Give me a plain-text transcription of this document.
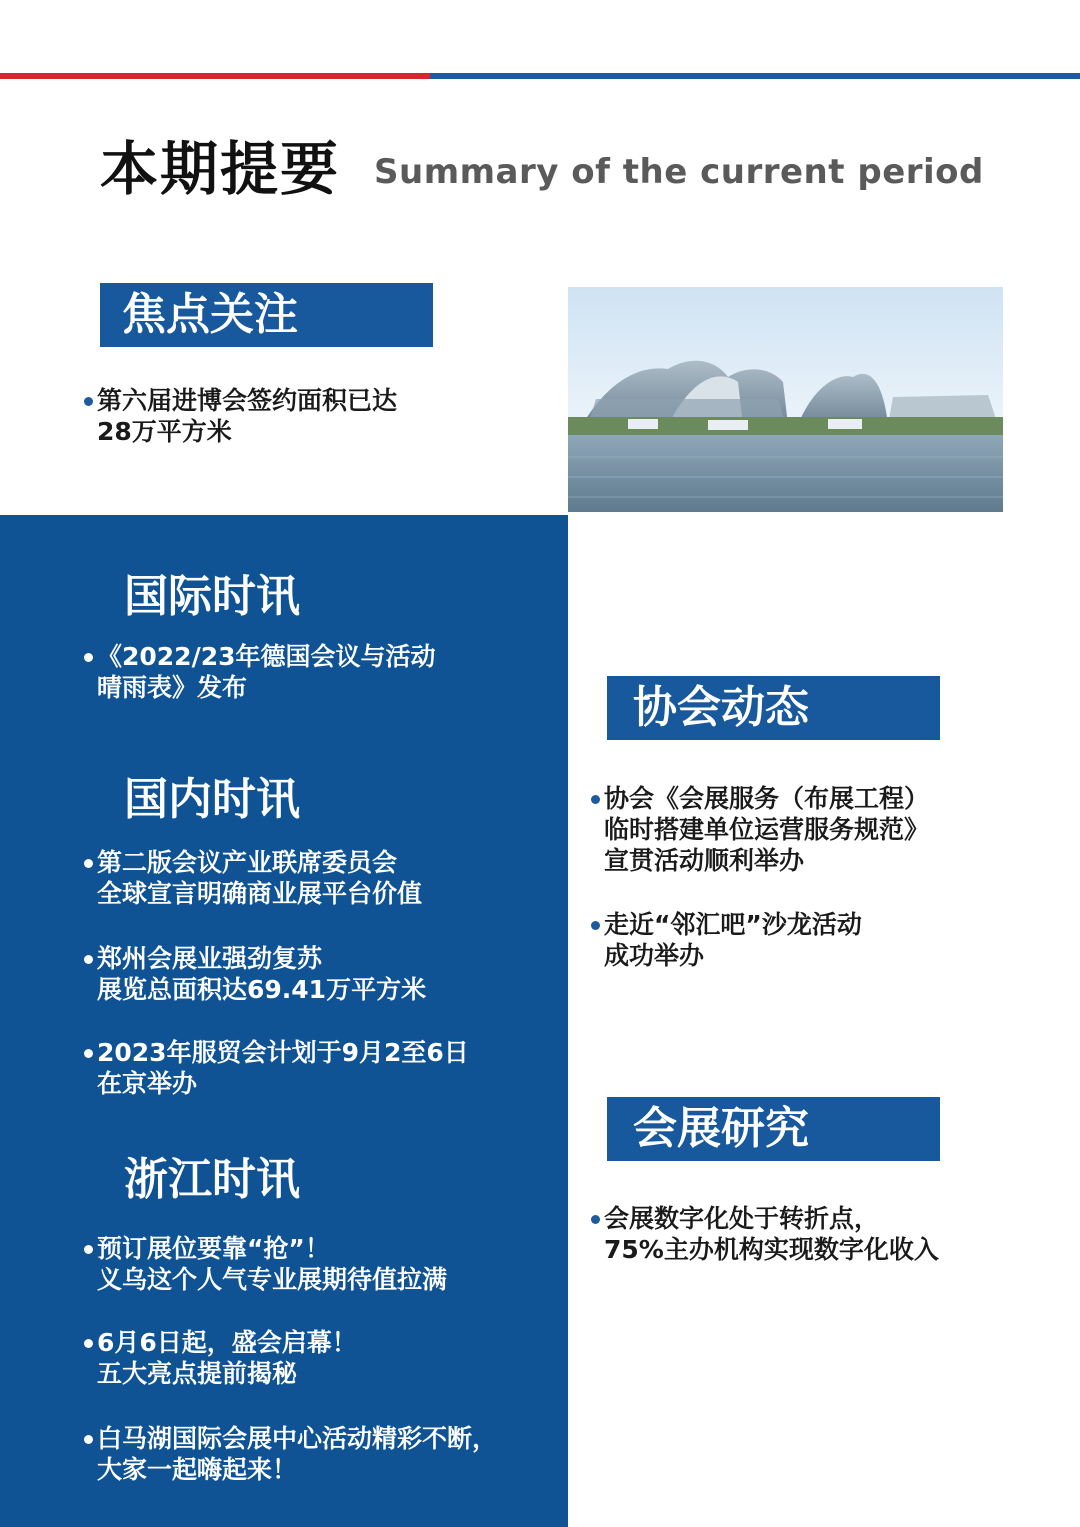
本期提要 Summary of the current period
焦点关注
第六届进博会签约面积已达
28万平方米
国际时讯
《2022/23年德国会议与活动
晴雨表》发布
国内时讯
第二版会议产业联席委员会
全球宣言明确商业展平台价值
郑州会展业强劲复苏
展览总面积达69.41万平方米
2023年服贸会计划于9月2至6日
在京举办
浙江时讯
预订展位要靠“抢”！
义乌这个人气专业展期待值拉满
6月6日起，盛会启幕！
五大亮点提前揭秘
白马湖国际会展中心活动精彩不断，
大家一起嗨起来！
协会动态
协会《会展服务（布展工程）
临时搭建单位运营服务规范》
宣贯活动顺利举办
走近“邻汇吧”沙龙活动
成功举办
会展研究
会展数字化处于转折点，
75%主办机构实现数字化收入
